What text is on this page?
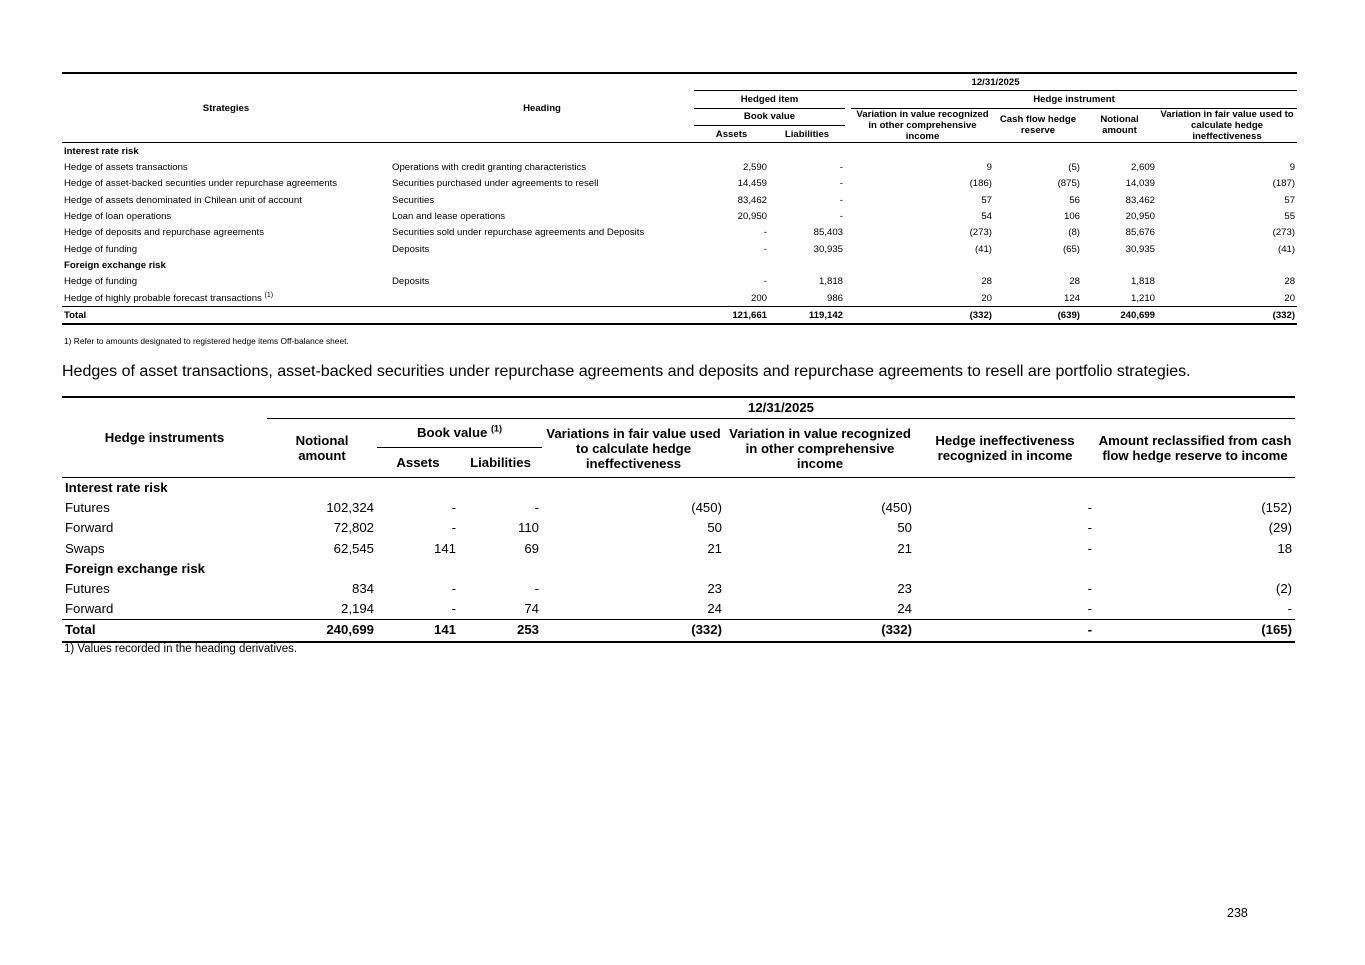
Strategies	Heading	12/31/2025						
		Hedged item			Hedge instrument			
		Book value			Variation in value recognized in other comprehensive income	Cash flow hedge reserve	Notional amount	Variation in fair value used to calculate hedge ineffectiveness
		Assets	Liabilities					

Interest rate risk								
Hedge of assets transactions	Operations with credit granting characteristics	2,590	-		9	(5)	2,609	9
Hedge of asset-backed securities under repurchase agreements	Securities purchased under agreements to resell	14,459	-		(186)	(875)	14,039	(187)
Hedge of assets denominated in Chilean unit of account	Securities	83,462	-		57	56	83,462	57
Hedge of loan operations	Loan and lease operations	20,950	-		54	106	20,950	55
Hedge of deposits and repurchase agreements	Securities sold under repurchase agreements and Deposits	-	85,403		(273)	(8)	85,676	(273)
Hedge of funding	Deposits	-	30,935		(41)	(65)	30,935	(41)
Foreign exchange risk								
Hedge of funding	Deposits	-	1,818		28	28	1,818	28
Hedge of highly probable forecast transactions $^{(1)}$		200	986		20	124	1,210	20
Total		121,661	119,142		(332)	(639)	240,699	(332)
1) Refer to amounts designated to registered hedge items Off-balance sheet.
Hedges of asset transactions, asset-backed securities under repurchase agreements and deposits and repurchase agreements to resell are portfolio strategies.
Hedge instruments	12/31/2025						
	Notional amount	Book value $^{(1)}$		Variations in fair value used to calculate hedge ineffectiveness	Variation in value recognized in other comprehensive income	Hedge ineffectiveness recognized in income	Amount reclassified from cash flow hedge reserve to income
		Assets	Liabilities				

Interest rate risk							
Futures	102,324	-	-	(450)	(450)	-	(152)
Forward	72,802	-	110	50	50	-	(29)
Swaps	62,545	141	69	21	21	-	18
Foreign exchange risk							
Futures	834	-	-	23	23	-	(2)
Forward	2,194	-	74	24	24	-	-
Total	240,699	141	253	(332)	(332)	-	(165)
1) Values recorded in the heading derivatives.
238
